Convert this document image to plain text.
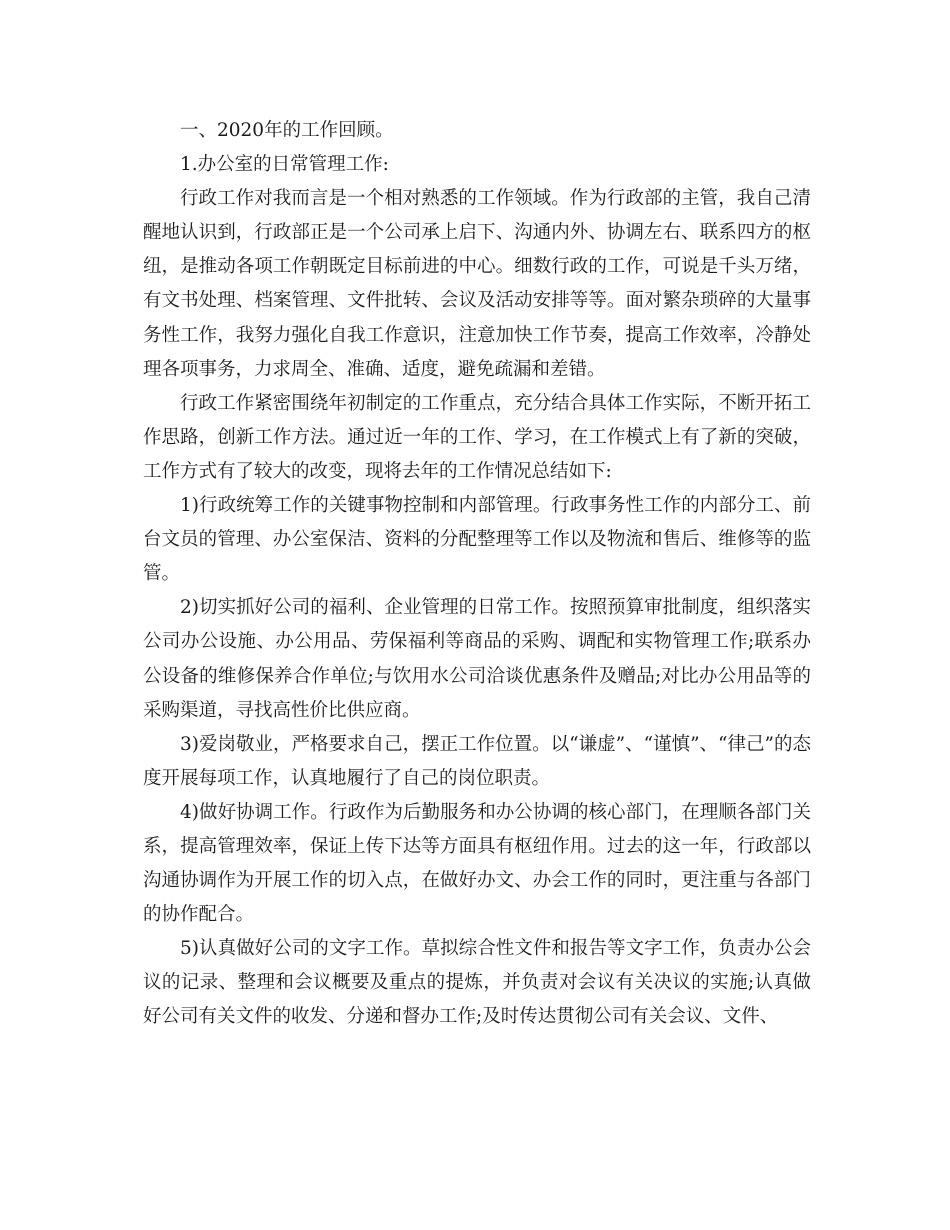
一、2020年的工作回顾。

1.办公室的日常管理工作:

行政工作对我而言是一个相对熟悉的工作领域。作为行政部的主管，我自己清醒地认识到，行政部正是一个公司承上启下、沟通内外、协调左右、联系四方的枢纽，是推动各项工作朝既定目标前进的中心。细数行政的工作，可说是千头万绪，有文书处理、档案管理、文件批转、会议及活动安排等等。面对繁杂琐碎的大量事务性工作，我努力强化自我工作意识，注意加快工作节奏，提高工作效率，冷静处理各项事务，力求周全、准确、适度，避免疏漏和差错。

行政工作紧密围绕年初制定的工作重点，充分结合具体工作实际，不断开拓工作思路，创新工作方法。通过近一年的工作、学习，在工作模式上有了新的突破，工作方式有了较大的改变，现将去年的工作情况总结如下:

1)行政统筹工作的关键事物控制和内部管理。行政事务性工作的内部分工、前台文员的管理、办公室保洁、资料的分配整理等工作以及物流和售后、维修等的监管。

2)切实抓好公司的福利、企业管理的日常工作。按照预算审批制度，组织落实公司办公设施、办公用品、劳保福利等商品的采购、调配和实物管理工作;联系办公设备的维修保养合作单位;与饮用水公司洽谈优惠条件及赠品;对比办公用品等的采购渠道，寻找高性价比供应商。

3)爱岗敬业，严格要求自己，摆正工作位置。以“谦虚”、“谨慎”、“律己”的态度开展每项工作，认真地履行了自己的岗位职责。

4)做好协调工作。行政作为后勤服务和办公协调的核心部门，在理顺各部门关系，提高管理效率，保证上传下达等方面具有枢纽作用。过去的这一年，行政部以沟通协调作为开展工作的切入点，在做好办文、办会工作的同时，更注重与各部门的协作配合。

5)认真做好公司的文字工作。草拟综合性文件和报告等文字工作，负责办公会议的记录、整理和会议概要及重点的提炼，并负责对会议有关决议的实施;认真做好公司有关文件的收发、分递和督办工作;及时传达贯彻公司有关会议、文件、
